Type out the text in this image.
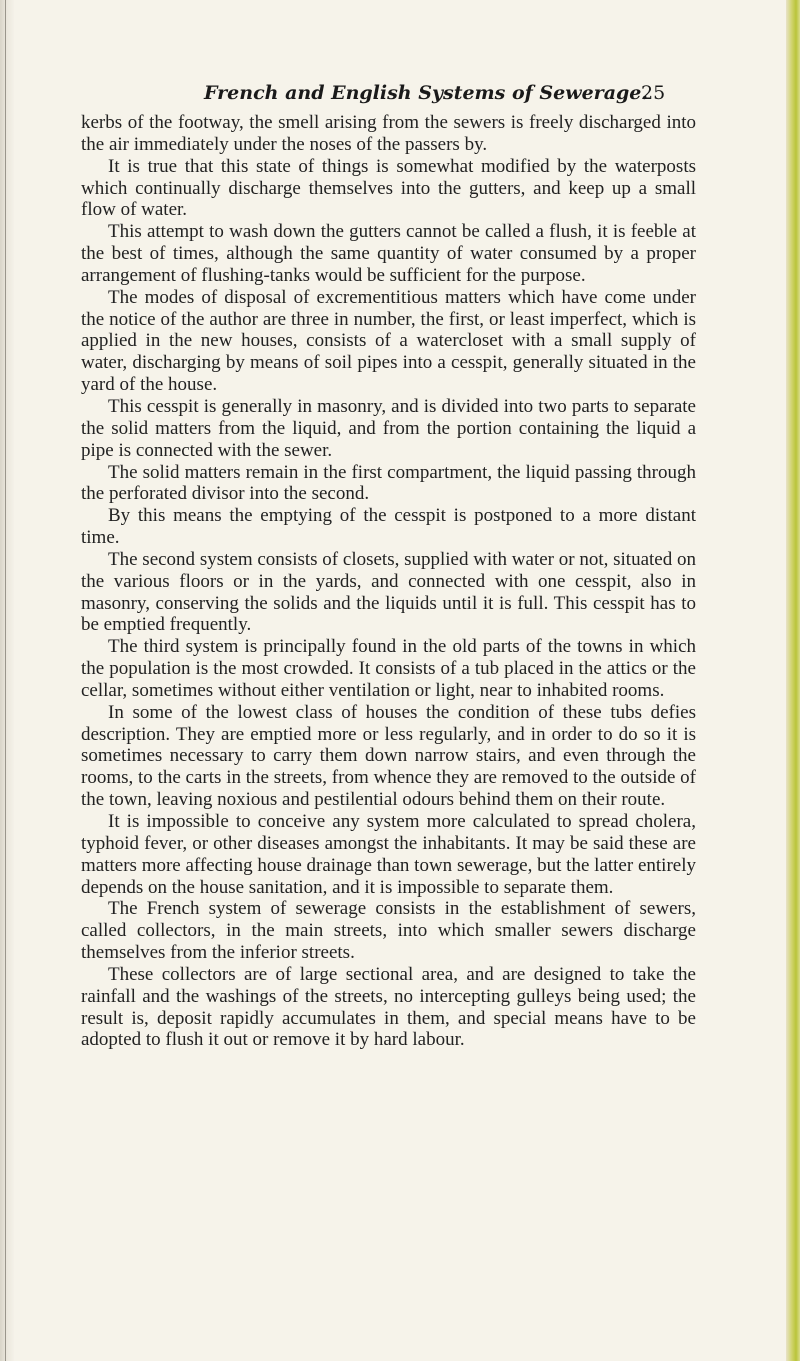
French and English Systems of Sewerage.
25

kerbs of the footway, the smell arising from the sewers is freely discharged into the air immediately under the noses of the passers by.

It is true that this state of things is somewhat modified by the waterposts which continually discharge themselves into the gutters, and keep up a small flow of water.

This attempt to wash down the gutters cannot be called a flush, it is feeble at the best of times, although the same quantity of water consumed by a proper arrangement of flushing-tanks would be sufficient for the purpose.

The modes of disposal of excrementitious matters which have come under the notice of the author are three in number, the first, or least imperfect, which is applied in the new houses, consists of a watercloset with a small supply of water, discharging by means of soil pipes into a cesspit, generally situated in the yard of the house.

This cesspit is generally in masonry, and is divided into two parts to separate the solid matters from the liquid, and from the portion containing the liquid a pipe is connected with the sewer.

The solid matters remain in the first compartment, the liquid passing through the perforated divisor into the second.

By this means the emptying of the cesspit is postponed to a more distant time.

The second system consists of closets, supplied with water or not, situated on the various floors or in the yards, and connected with one cesspit, also in masonry, conserving the solids and the liquids until it is full. This cesspit has to be emptied frequently.

The third system is principally found in the old parts of the towns in which the population is the most crowded. It consists of a tub placed in the attics or the cellar, sometimes without either ventilation or light, near to inhabited rooms.

In some of the lowest class of houses the condition of these tubs defies description. They are emptied more or less regularly, and in order to do so it is sometimes necessary to carry them down narrow stairs, and even through the rooms, to the carts in the streets, from whence they are removed to the outside of the town, leaving noxious and pestilential odours behind them on their route.

It is impossible to conceive any system more calculated to spread cholera, typhoid fever, or other diseases amongst the inhabitants. It may be said these are matters more affecting house drainage than town sewerage, but the latter entirely depends on the house sanitation, and it is impossible to separate them.

The French system of sewerage consists in the establishment of sewers, called collectors, in the main streets, into which smaller sewers discharge themselves from the inferior streets.

These collectors are of large sectional area, and are designed to take the rainfall and the washings of the streets, no intercepting gulleys being used; the result is, deposit rapidly accumulates in them, and special means have to be adopted to flush it out or remove it by hard labour.
